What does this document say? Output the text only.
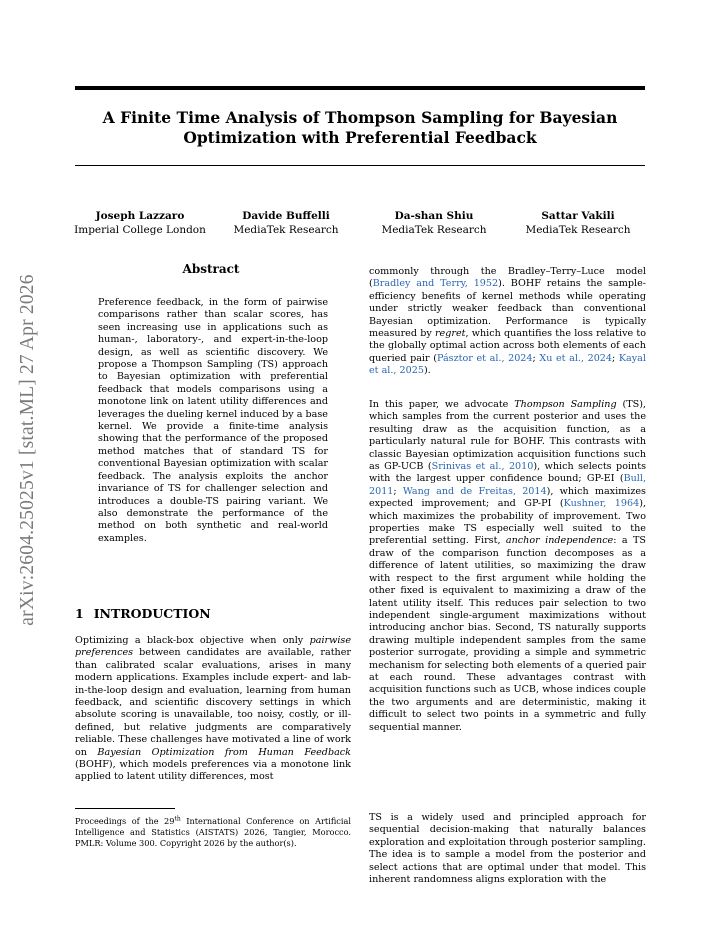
A Finite Time Analysis of Thompson Sampling for Bayesian
Optimization with Preferential Feedback
Joseph Lazzaro
Imperial College London
Davide Buffelli
MediaTek Research
Da-shan Shiu
MediaTek Research
Sattar Vakili
MediaTek Research
arXiv:2604.25025v1 [stat.ML] 27 Apr 2026
Abstract

Preference feedback, in the form of pairwise comparisons rather than scalar scores, has seen increasing use in applications such as human-, laboratory-, and expert-in-the-loop design, as well as scientific discovery. We propose a Thompson Sampling (TS) approach to Bayesian optimization with preferential feedback that models comparisons using a monotone link on latent utility differences and leverages the dueling kernel induced by a base kernel. We provide a finite-time analysis showing that the performance of the proposed method matches that of standard TS for conventional Bayesian optimization with scalar feedback. The analysis exploits the anchor invariance of TS for challenger selection and introduces a double-TS pairing variant. We also demonstrate the performance of the method on both synthetic and real-world examples.

1 INTRODUCTION

Optimizing a black-box objective when only pairwise preferences between candidates are available, rather than calibrated scalar evaluations, arises in many modern applications. Examples include expert- and lab-in-the-loop design and evaluation, learning from human feedback, and scientific discovery settings in which absolute scoring is unavailable, too noisy, costly, or ill-defined, but relative judgments are comparatively reliable. These challenges have motivated a line of work on Bayesian Optimization from Human Feedback (BOHF), which models preferences via a monotone link applied to latent utility differences, most

Proceedings of the 29th International Conference on Artificial Intelligence and Statistics (AISTATS) 2026, Tangier, Morocco. PMLR: Volume 300. Copyright 2026 by the author(s).

commonly through the Bradley–Terry–Luce model (Bradley and Terry, 1952). BOHF retains the sample-efficiency benefits of kernel methods while operating under strictly weaker feedback than conventional Bayesian optimization. Performance is typically measured by regret, which quantifies the loss relative to the globally optimal action across both elements of each queried pair (Pásztor et al., 2024; Xu et al., 2024; Kayal et al., 2025).

In this paper, we advocate Thompson Sampling (TS), which samples from the current posterior and uses the resulting draw as the acquisition function, as a particularly natural rule for BOHF. This contrasts with classic Bayesian optimization acquisition functions such as GP-UCB (Srinivas et al., 2010), which selects points with the largest upper confidence bound; GP-EI (Bull, 2011; Wang and de Freitas, 2014), which maximizes expected improvement; and GP-PI (Kushner, 1964), which maximizes the probability of improvement. Two properties make TS especially well suited to the preferential setting. First, anchor independence: a TS draw of the comparison function decomposes as a difference of latent utilities, so maximizing the draw with respect to the first argument while holding the other fixed is equivalent to maximizing a draw of the latent utility itself. This reduces pair selection to two independent single-argument maximizations without introducing anchor bias. Second, TS naturally supports drawing multiple independent samples from the same posterior surrogate, providing a simple and symmetric mechanism for selecting both elements of a queried pair at each round. These advantages contrast with acquisition functions such as UCB, whose indices couple the two arguments and are deterministic, making it difficult to select two points in a symmetric and fully sequential manner.

TS is a widely used and principled approach for sequential decision-making that naturally balances exploration and exploitation through posterior sampling. The idea is to sample a model from the posterior and select actions that are optimal under that model. This inherent randomness aligns exploration with the
